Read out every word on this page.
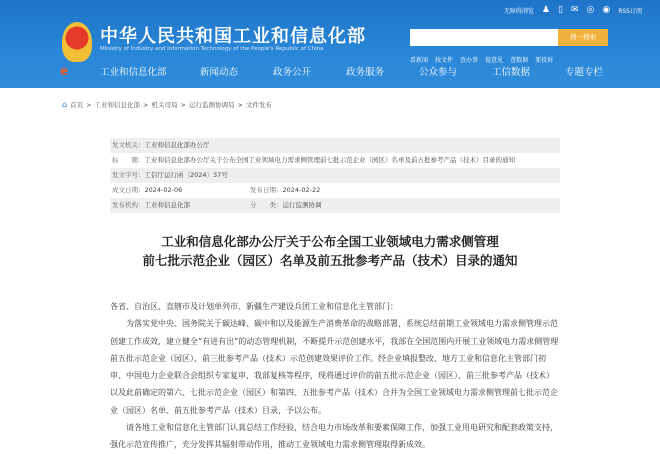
中华人民共和国工业和信息化部
Ministry of Industry and Information Technology of the People's Republic of China
无障碍浏览 ♟ ▯ ✉ ◎ ◉ RSS订阅
搜一搜索
看新闻 找文件 查办事 提意见 查数据 要投诉
e	工业和信息化部	新闻动态	政务公开	政务服务	公众参与	工信数据	专题专栏
⌂ 首页 > 工业和信息化部 > 机关司局 > 运行监测协调局 > 文件发布
发文机关：工业和信息化部办公厅
标　　题：工业和信息化部办公厅关于公布全国工业领域电力需求侧管理前七批示范企业（园区）名单及前五批参考产品（技术）目录的通知
发文字号：工信厅运行函〔2024〕37号
成文日期：2024-02-06	发布日期：2024-02-22
发布机构：工业和信息化部	分　　类：运行监测协调
工业和信息化部办公厅关于公布全国工业领域电力需求侧管理
前七批示范企业（园区）名单及前五批参考产品（技术）目录的通知
各省、自治区、直辖市及计划单列市、新疆生产建设兵团工业和信息化主管部门：
　　为落实党中央、国务院关于碳达峰、碳中和以及能源生产消费革命的战略部署，系统总结前期工业领域电力需求侧管理示范
创建工作成效，建立健全“有进有出”的动态管理机制，不断提升示范创建水平，我部在全国范围内开展工业领域电力需求侧管理
前五批示范企业（园区）、前三批参考产品（技术）示范创建效果评价工作。经企业填报整改、地方工业和信息化主管部门初
审、中国电力企业联合会组织专家复审，我部复核等程序，现将通过评价的前五批示范企业（园区）、前三批参考产品（技术）
以及此前确定的第六、七批示范企业（园区）和第四、五批参考产品（技术）合并为全国工业领域电力需求侧管理前七批示范企
业（园区）名单、前五批参考产品（技术）目录，予以公布。
　　请各地工业和信息化主管部门认真总结工作经验，结合电力市场改革和要素保障工作，加强工业用电研究和配套政策支持，
强化示范宣传推广，充分发挥其辐射带动作用，推动工业领域电力需求侧管理取得新成效。
